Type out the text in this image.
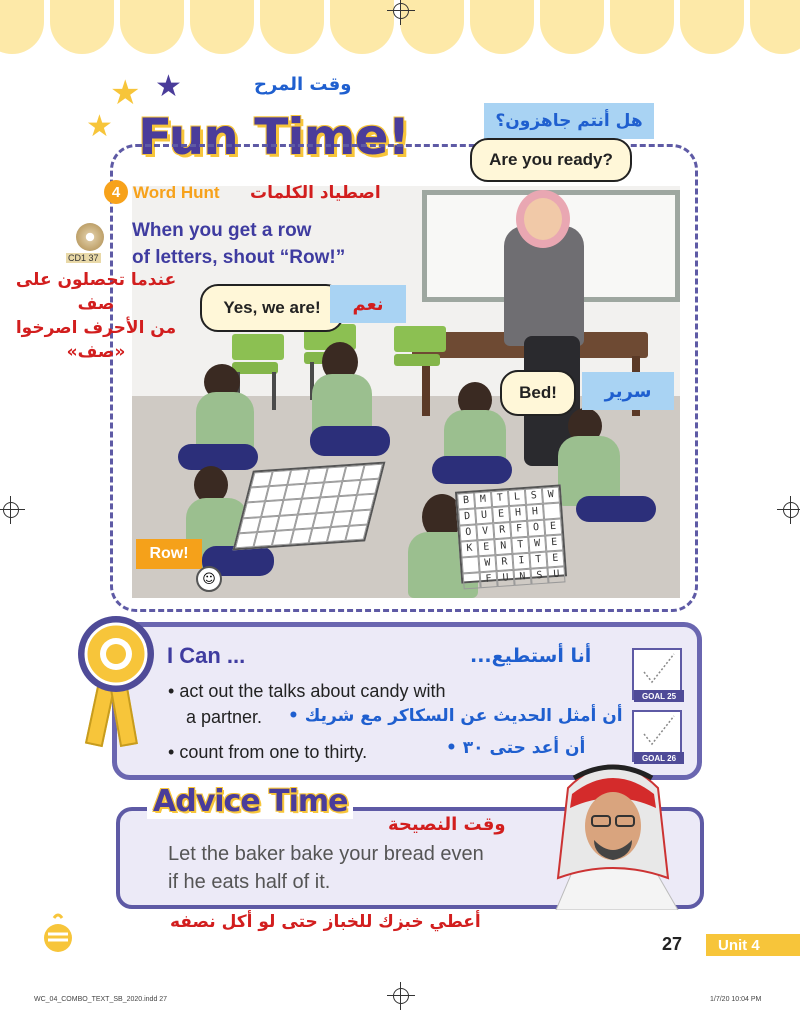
★ ★
★
وقت المرح
Fun Time!	هل أنتم جاهزون؟
B	M	T	L	S	W
D	U	E	H	H
O	V	R	F	O	E
K	E	N	T	W	E
W	R	I	T	E
F	U	N	S	U
Are you ready?
Yes, we are!	نعم
Bed!	سرير
Row!
☺
4 Word Hunt اصطياد الكلمات
When you get a row
of letters, shout “Row!”
CD1 37
عندما تحصلون على صف
من الأحرف اصرخوا
«صف»
I Can ...	أنا أستطيع...
• act out the talks about candy with
a partner.	أن أمثل الحديث عن السكاكر مع شريك •
• count from one to thirty.	أن أعد حتى ٣٠ •
GOAL 25
GOAL 26
Advice Time
وقت النصيحة
Let the baker bake your bread even
if he eats half of it.
أعطي خبزك للخباز حتى لو أكل نصفه
27	Unit 4
WC_04_COMBO_TEXT_SB_2020.indd 27	1/7/20 10:04 PM
